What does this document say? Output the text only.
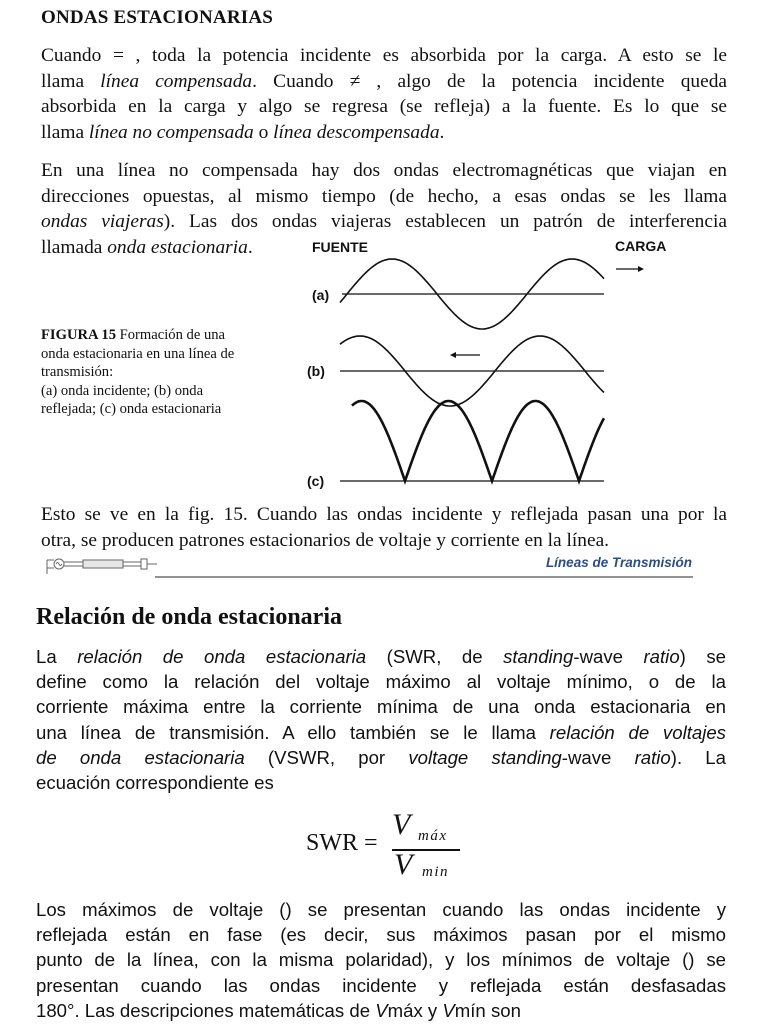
ONDAS ESTACIONARIAS

Cuando = , toda la potencia incidente es absorbida por la carga. A esto se le
llama línea compensada. Cuando ≠ , algo de la potencia incidente queda
absorbida en la carga y algo se regresa (se refleja) a la fuente. Es lo que se
llama línea no compensada o línea descompensada.

En una línea no compensada hay dos ondas electromagnéticas que viajan en
direcciones opuestas, al mismo tiempo (de hecho, a esas ondas se les llama
ondas viajeras). Las dos ondas viajeras establecen un patrón de interferencia

llamada onda estacionaria.

FIGURA 15 Formación de una
onda estacionaria en una línea de
transmisión:
(a) onda incidente; (b) onda
reflejada; (c) onda estacionaria
FUENTE	CARGA
(a)
(b)
(c)

Esto se ve en la fig. 15. Cuando las ondas incidente y reflejada pasan una por la
otra, se producen patrones estacionarios de voltaje y corriente en la línea.

Líneas de Transmisión
Relación de onda estacionaria

La relación de onda estacionaria (SWR, de standing-wave ratio) se
define como la relación del voltaje máximo al voltaje mínimo, o de la
corriente máxima entre la corriente mínima de una onda estacionaria en
una línea de transmisión. A ello también se le llama relación de voltajes
de onda estacionaria (VSWR, por voltage standing-wave ratio). La
ecuación correspondiente es

SWR =
V máx
V min

Los máximos de voltaje () se presentan cuando las ondas incidente y
reflejada están en fase (es decir, sus máximos pasan por el mismo
punto de la línea, con la misma polaridad), y los mínimos de voltaje () se
presentan cuando las ondas incidente y reflejada están desfasadas
180°. Las descripciones matemáticas de Vmáx y Vmín son
